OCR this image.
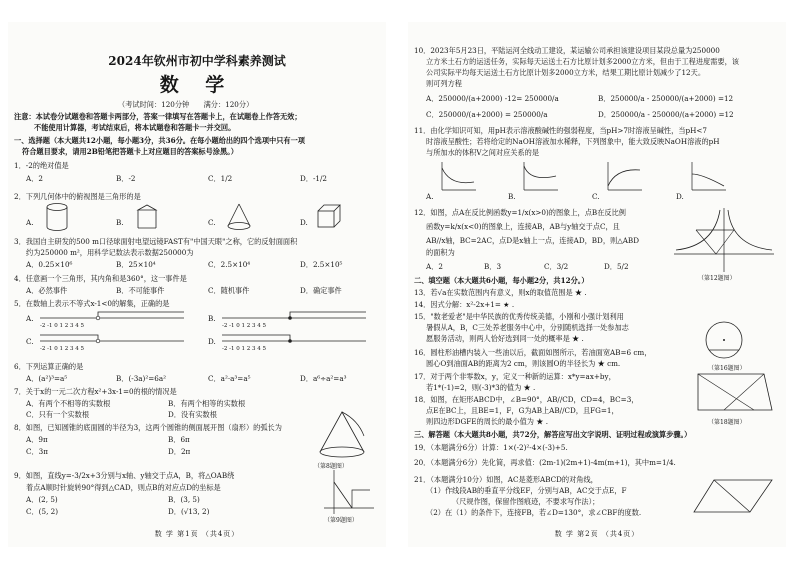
2024年钦州市初中学科素养测试
数 学
（考试时间：120分钟　　满分：120分）
注意：本试卷分试题卷和答题卡两部分，答案一律填写在答题卡上，在试题卷上作答无效；
不能使用计算器，考试结束后，将本试题卷和答题卡一并交回。
一、选择题（本大题共12小题，每小题3分，共36分。在每小题给出的四个选项中只有一项
符合题目要求，请用2B铅笔把答题卡上对应题目的答案标号涂黑。）
1．-2的绝对值是
A．2	B．-2	C．1/2	D．-1/2
2．下列几何体中的俯视图是三角形的是
A.	B.	C.	D.
3．我国自主研发的500 m口径球面射电望远镜FAST有"中国天眼"之称，它的反射面面积
约为250000 m²，用科学记数法表示数据250000为
A．0.25×10⁶	B．25×10⁴	C．2.5×10⁴	D．2.5×10⁵
4．任意画一个三角形，其内角和是360°，这一事件是
A．必然事件	B．不可能事件	C．随机事件	D．确定事件
5．在数轴上表示不等式x-1<0的解集，正确的是
A.
-2 -1 0 1 2 3 4 5
B.
-2 -1 0 1 2 3 4 5
C.
-2 -1 0 1 2 3 4 5
D.
-2 -1 0 1 2 3 4 5
6．下列运算正确的是
A．(a²)³=a⁵	B．(-3a)²=6a²	C．a²·a³=a⁵	D．a⁶÷a²=a³
7．关于x的一元二次方程x²+3x-1=0的根的情况是
A．有两个不相等的实数根	B．有两个相等的实数根
C．只有一个实数根	D．没有实数根
8．如图，已知圆锥的底面圆的半径为3，这两个圆锥的侧面展开图（扇形）的弧长为
A．9π	B．6π
C．3π	D．2π
（第8题图）
9．如图，直线y=-3/2x+3分别与x轴、y轴交于点A，B，将△OAB绕
着点A顺时针旋转90°得到△CAD，则点B的对应点D的坐标是
A．(2, 5)	B．(3, 5)
C．(5, 2)	D．(√13, 2)
（第9题图）
数 学 第1页 （共4页）
10．2023年5月23日，平陆运河全线动工建设，某运输公司承担该建设项目某段总量为250000
立方米土石方的运送任务，实际每天运送土石方比原计划多2000立方米，但由于工程进度需要，该
公司实际平均每天运送土石方比原计划多2000立方米，结果工期比原计划减少了12天。
则可列方程
A．250000/(a+2000) -12= 250000/a	B．250000/a - 250000/(a+2000) =12
C．250000/(a+2000) = 250000/a	D．250000/a - 250000/(a+2000) =12
11．由化学知识可知，用pH表示溶液酸碱性的强弱程度，当pH>7时溶液呈碱性，当pH<7
时溶液呈酸性；若将给定的NaOH溶液加水稀释，下列图象中，能大致反映NaOH溶液的pH
与所加水的体积V之间对应关系的是
A.	B.	C.	D.
12．如图，点A在反比例函数y=1/x(x>0)的图象上，点B在反比例
函数y=k/x(x<0)的图象上，连接AB，AB与y轴交于点C，且
AB//x轴，BC=2AC，点D是x轴上一点，连接AD，BD，则△ABD
的面积为
A．2	B．3	C．3/2	D．5/2
（第12题图）
二、填空题（本大题共6小题，每小题2分，共12分。）
13．若√a在实数范围内有意义，则x的取值范围是 ★ .
14．因式分解：x²-2x+1= ★ .
15．"数老爱老"是中华民族的优秀传统美德，小刚和小强计划利用
暑假从A，B，C三处养老服务中心中，分别随机选择一处参加志
愿服务活动，则两人恰好选到同一处的概率是 ★ .
16．圆柱形油槽内装入一些油以后，截面如图所示，若油面宽AB=6 cm，
圆心O到油面AB的距离为2 cm，则该圆O的半径长为 ★ cm.
（第16题图）
17．对于两个非零数x，y，定义一种新的运算：x*y=ax+by，
若1*(-1)=2，则(-3)*3的值为 ★ .
18．如图，在矩形ABCD中，∠B=90°，AB//CD，CD=4，BC=3，
点E在BC上，且BE=1，F，G为AB上AB//CD，且FG=1，
则四边形DGFE的周长的最小值为 ★ .	（第18题图）
三、解答题（本大题共8小题，共72分，解答应写出文字说明、证明过程或演算步骤。）
19．（本题满分6分）计算：1×(-2)²-4×(-3)+5.
20．（本题满分6分）先化简，再求值：(2m-1)(2m+1)-4m(m+1)，其中m=1/4.
21．（本题满分10分）如图，AC是菱形ABCD的对角线，
（1）作线段AB的垂直平分线EF，分别与AB，AC交于点E，F
（尺规作图，保留作图痕迹，不要求写作法）；
（2）在（1）的条件下，连接FB，若∠D=130°，求∠CBF的度数.
数 学 第2页 （共4页）
